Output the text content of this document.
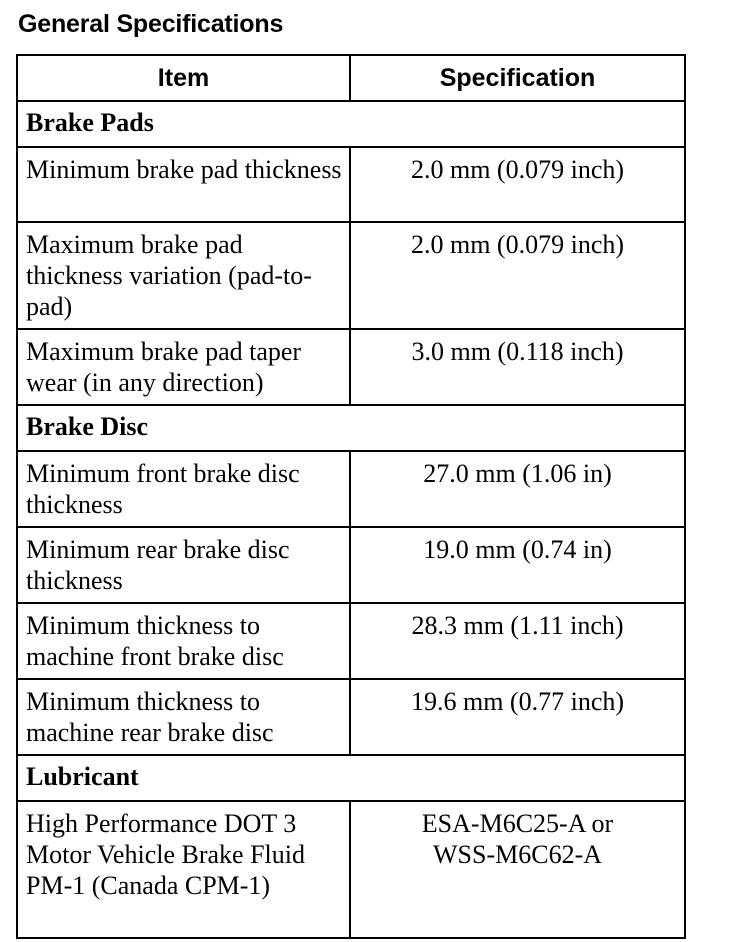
General Specifications
Item	Specification
Brake Pads	
Minimum brake pad thickness	2.0 mm (0.079 inch)

Maximum brake pad thickness variation (pad-to-pad)	2.0 mm (0.079 inch)

Maximum brake pad taper wear (in any direction)	3.0 mm (0.118 inch)

Brake Disc	
Minimum front brake disc thickness	27.0 mm (1.06 in)

Minimum rear brake disc thickness	19.0 mm (0.74 in)

Minimum thickness to machine front brake disc	28.3 mm (1.11 inch)

Minimum thickness to machine rear brake disc	19.6 mm (0.77 inch)

Lubricant	
High Performance DOT 3 Motor Vehicle Brake Fluid PM-1 (Canada CPM-1)	ESA-M6C25-A or
WSS-M6C62-A
